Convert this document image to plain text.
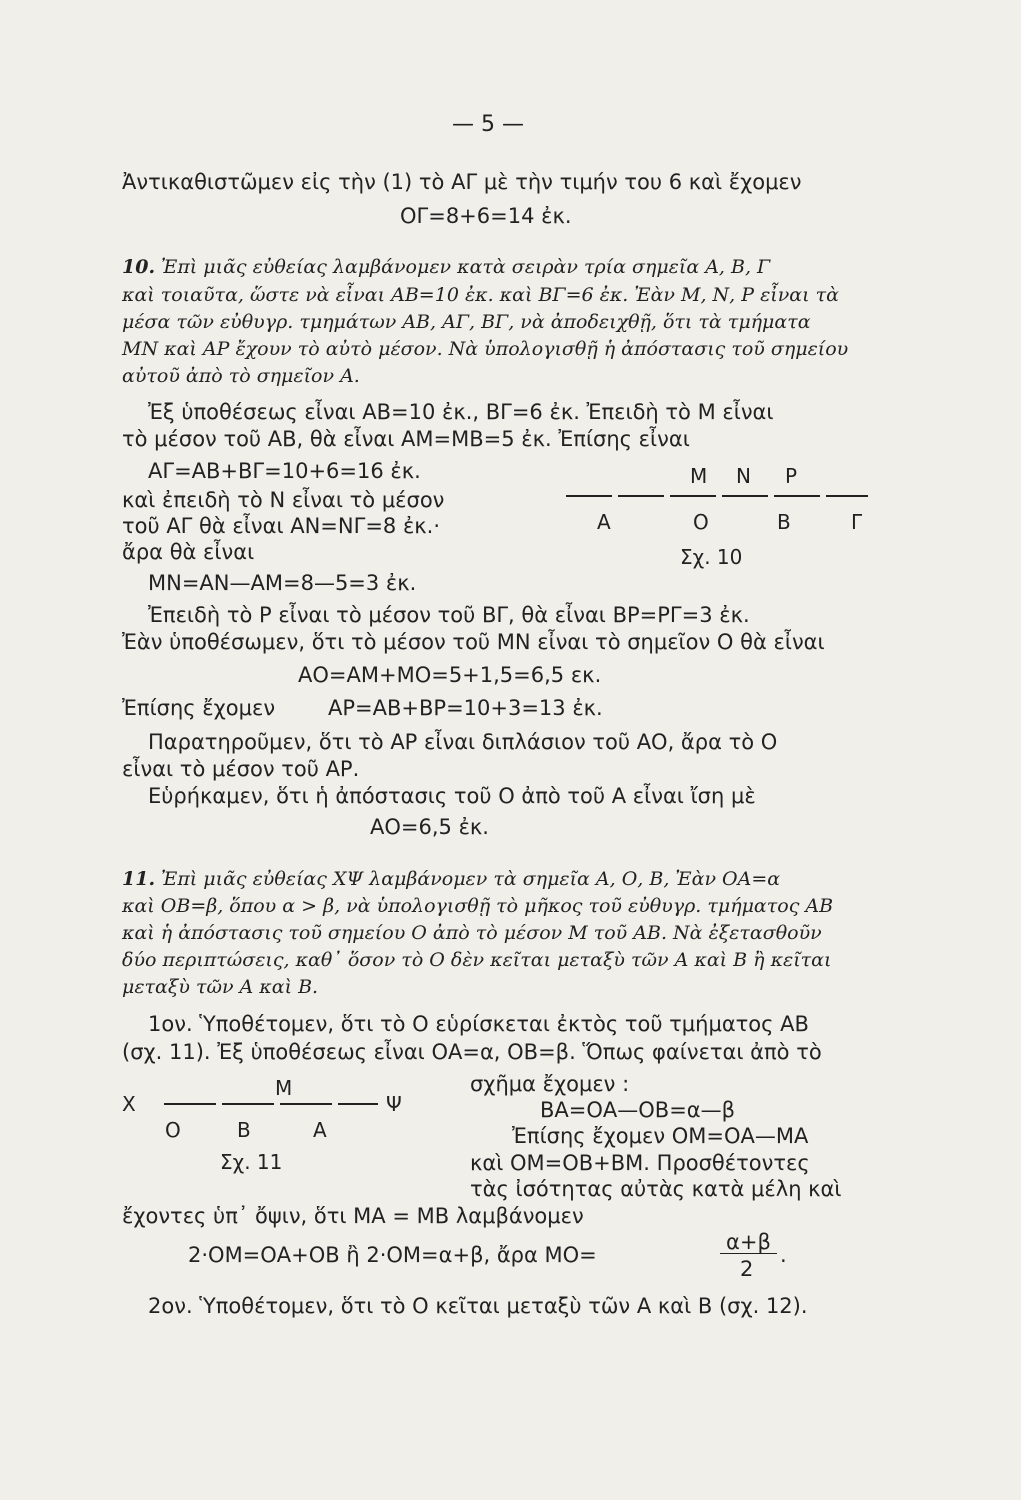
— 5 —
Ἀντικαθιστῶμεν εἰς τὴν (1) τὸ ΑΓ μὲ τὴν τιμήν του 6 καὶ ἔχομεν
ΟΓ=8+6=14 ἐκ.
10. Ἐπὶ μιᾶς εὐθείας λαμβάνομεν κατὰ σειρὰν τρία σημεῖα Α, Β, Γ
καὶ τοιαῦτα, ὥστε νὰ εἶναι ΑΒ=10 ἐκ. καὶ ΒΓ=6 ἐκ. Ἐὰν Μ, Ν, Ρ εἶναι τὰ
μέσα τῶν εὐθυγρ. τμημάτων ΑΒ, ΑΓ, ΒΓ, νὰ ἀποδειχθῇ, ὅτι τὰ τμήματα
ΜΝ καὶ ΑΡ ἔχουν τὸ αὐτὸ μέσον. Νὰ ὑπολογισθῇ ἡ ἀπόστασις τοῦ σημείου
αὐτοῦ ἀπὸ τὸ σημεῖον Α.
Ἐξ ὑποθέσεως εἶναι ΑΒ=10 ἐκ., ΒΓ=6 ἐκ. Ἐπειδὴ τὸ Μ εἶναι
τὸ μέσον τοῦ ΑΒ, θὰ εἶναι ΑΜ=ΜΒ=5 ἐκ. Ἐπίσης εἶναι
ΑΓ=ΑΒ+ΒΓ=10+6=16 ἐκ.
καὶ ἐπειδὴ τὸ Ν εἶναι τὸ μέσον
τοῦ ΑΓ θὰ εἶναι ΑΝ=ΝΓ=8 ἐκ.·
ἄρα θὰ εἶναι
ΜΝ=ΑΝ—ΑΜ=8—5=3 ἐκ.
Μ Ν Ρ
Α	Ο	Β	Γ
Σχ. 10
Ἐπειδὴ τὸ Ρ εἶναι τὸ μέσον τοῦ ΒΓ, θὰ εἶναι ΒΡ=ΡΓ=3 ἐκ.
Ἐὰν ὑποθέσωμεν, ὅτι τὸ μέσον τοῦ ΜΝ εἶναι τὸ σημεῖον Ο θὰ εἶναι
ΑΟ=ΑΜ+ΜΟ=5+1,5=6,5 εκ.
Ἐπίσης ἔχομεν	ΑΡ=ΑΒ+ΒΡ=10+3=13 ἐκ.
Παρατηροῦμεν, ὅτι τὸ ΑΡ εἶναι διπλάσιον τοῦ ΑΟ, ἄρα τὸ Ο
εἶναι τὸ μέσον τοῦ ΑΡ.
Εὑρήκαμεν, ὅτι ἡ ἀπόστασις τοῦ Ο ἀπὸ τοῦ Α εἶναι ἴση μὲ
ΑΟ=6,5 ἐκ.
11. Ἐπὶ μιᾶς εὐθείας ΧΨ λαμβάνομεν τὰ σημεῖα Α, Ο, Β, Ἐὰν ΟΑ=α
καὶ ΟΒ=β, ὅπου α > β, νὰ ὑπολογισθῇ τὸ μῆκος τοῦ εὐθυγρ. τμήματος ΑΒ
καὶ ἡ ἀπόστασις τοῦ σημείου Ο ἀπὸ τὸ μέσον Μ τοῦ ΑΒ. Νὰ ἐξετασθοῦν
δύο περιπτώσεις, καθ᾽ ὅσον τὸ Ο δὲν κεῖται μεταξὺ τῶν Α καὶ Β ἢ κεῖται
μεταξὺ τῶν Α καὶ Β.
1ον. Ὑποθέτομεν, ὅτι τὸ Ο εὑρίσκεται ἐκτὸς τοῦ τμήματος ΑΒ
(σχ. 11). Ἐξ ὑποθέσεως εἶναι ΟΑ=α, ΟΒ=β. Ὅπως φαίνεται ἀπὸ τὸ
Μ
Χ	Ψ
Ο	Β	Α
Σχ. 11
σχῆμα ἔχομεν :
ΒΑ=ΟΑ—ΟΒ=α—β
Ἐπίσης ἔχομεν ΟΜ=ΟΑ—ΜΑ
καὶ ΟΜ=ΟΒ+ΒΜ. Προσθέτοντες
τὰς ἰσότητας αὐτὰς κατὰ μέλη καὶ
ἔχοντες ὑπ᾽ ὄψιν, ὅτι ΜΑ = ΜΒ λαμβάνομεν
2·ΟΜ=ΟΑ+ΟΒ ἢ 2·ΟΜ=α+β, ἄρα ΜΟ=
α+β
2
.
2ον. Ὑποθέτομεν, ὅτι τὸ Ο κεῖται μεταξὺ τῶν Α καὶ Β (σχ. 12).
